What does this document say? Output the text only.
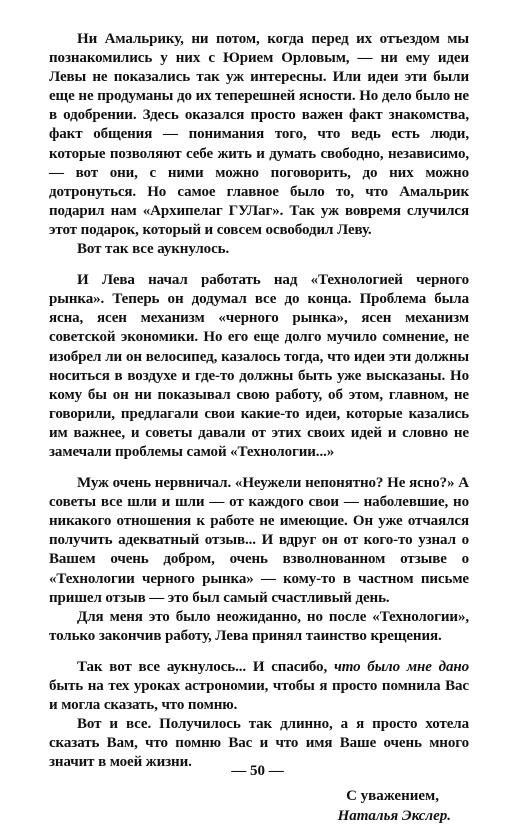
Ни Амальрику, ни потом, когда перед их отъездом мы познакомились у них с Юрием Орловым, — ни ему идеи Левы не показались так уж интересны. Или идеи эти были еще не продуманы до их теперешней ясности. Но дело было не в одобрении. Здесь оказался просто важен факт знакомства, факт общения — понимания того, что ведь есть люди, которые позволяют себе жить и думать свободно, независимо, — вот они, с ними можно поговорить, до них можно дотронуться. Но самое главное было то, что Амальрик подарил нам «Архипелаг ГУЛаг». Так уж вовремя случился этот подарок, который и совсем освободил Леву.

Вот так все аукнулось.

И Лева начал работать над «Технологией черного рынка». Теперь он додумал все до конца. Проблема была ясна, ясен механизм «черного рынка», ясен механизм советской экономики. Но его еще долго мучило сомнение, не изобрел ли он велосипед, казалось тогда, что идеи эти должны носиться в воздухе и где-то должны быть уже высказаны. Но кому бы он ни показывал свою работу, об этом, главном, не говорили, предлагали свои какие-то идеи, которые казались им важнее, и советы давали от этих своих идей и словно не замечали проблемы самой «Технологии...»

Муж очень нервничал. «Неужели непонятно? Не ясно?» А советы все шли и шли — от каждого свои — наболевшие, но никакого отношения к работе не имеющие. Он уже отчаялся получить адекватный отзыв... И вдруг он от кого-то узнал о Вашем очень добром, очень взволнованном отзыве о «Технологии черного рынка» — кому-то в частном письме пришел отзыв — это был самый счастливый день.

Для меня это было неожиданно, но после «Технологии», только закончив работу, Лева принял таинство крещения.

Так вот все аукнулось... И спасибо, что было мне дано быть на тех уроках астрономии, чтобы я просто помнила Вас и могла сказать, что помню.

Вот и все. Получилось так длинно, а я просто хотела сказать Вам, что помню Вас и что имя Ваше очень много значит в моей жизни.

С уважением,
Наталья Экслер.
— 50 —
